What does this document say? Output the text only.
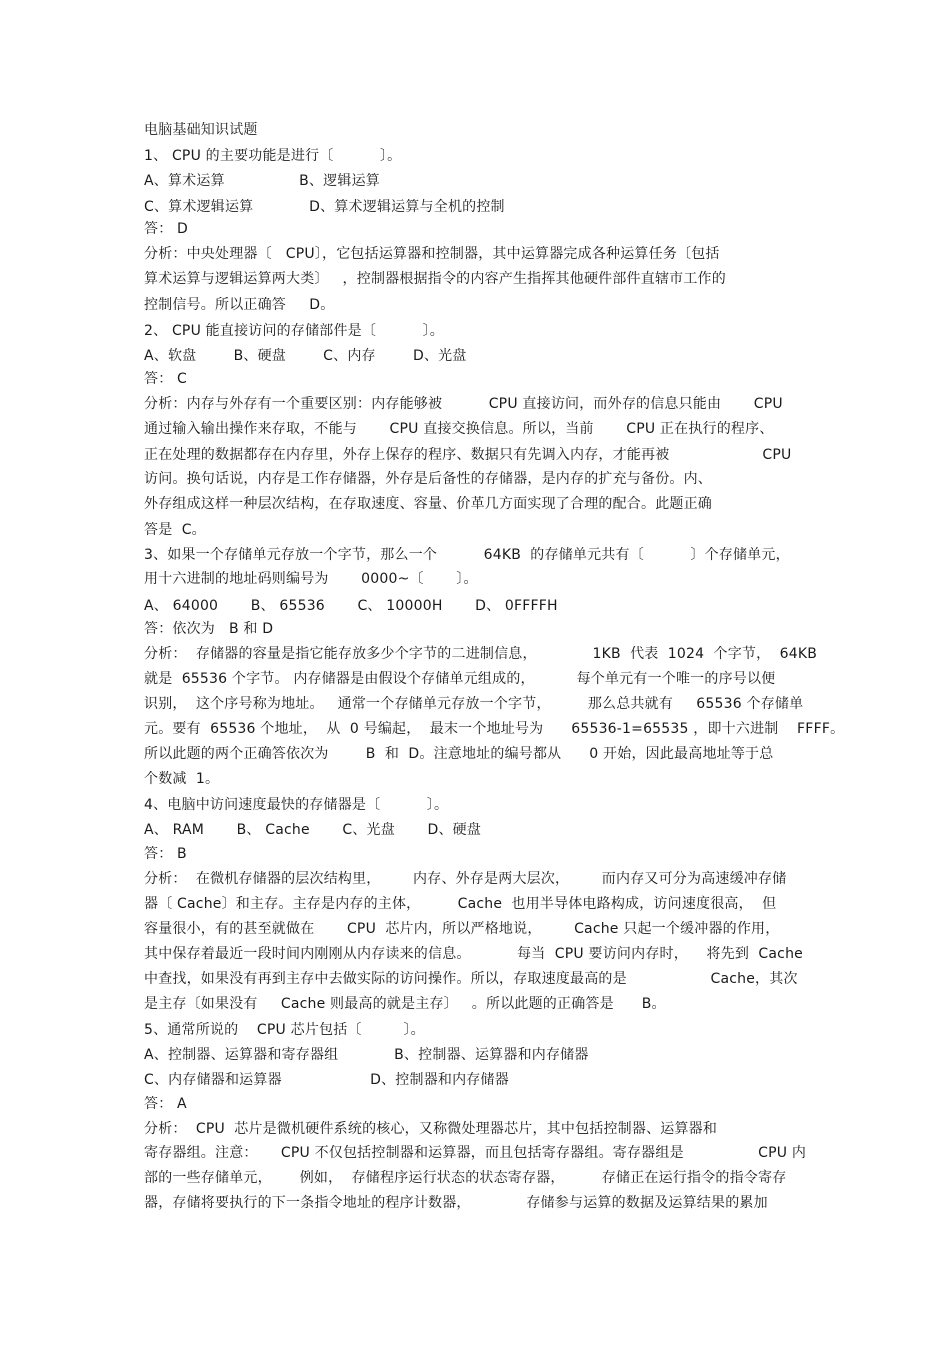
电脑基础知识试题
1、 CPU 的主要功能是进行〔          〕。
A、算术运算                B、逻辑运算
C、算术逻辑运算            D、算术逻辑运算与全机的控制
答： D
分析：中央处理器〔   CPU〕，它包括运算器和控制器，其中运算器完成各种运算任务〔包括
算术运算与逻辑运算两大类〕   ，控制器根据指令的内容产生指挥其他硬件部件直辖市工作的
控制信号。所以正确答     D。
2、 CPU 能直接访问的存储部件是〔          〕。
A、软盘        B、硬盘        C、内存        D、光盘
答： C
分析：内存与外存有一个重要区别：内存能够被          CPU 直接访问，而外存的信息只能由       CPU
通过输入输出操作来存取，不能与       CPU 直接交换信息。所以，当前       CPU 正在执行的程序、
正在处理的数据都存在内存里，外存上保存的程序、数据只有先调入内存，才能再被                    CPU
访问。换句话说，内存是工作存储器，外存是后备性的存储器，是内存的扩充与备份。内、
外存组成这样一种层次结构，在存取速度、容量、价革几方面实现了合理的配合。此题正确
答是  C。
3、如果一个存储单元存放一个字节，那么一个          64KB  的存储单元共有〔          〕个存储单元，
用十六进制的地址码则编号为       0000~〔       〕。
A、 64000       B、 65536       C、 10000H       D、 0FFFFH
答：依次为   B 和 D
分析：  存储器的容量是指它能存放多少个字节的二进制信息，            1KB  代表  1024  个字节，  64KB
就是  65536 个字节。 内存储器是由假设个存储单元组成的，         每个单元有一个唯一的序号以便
识别，  这个序号称为地址。   通常一个存储单元存放一个字节，        那么总共就有     65536 个存储单
元。要有  65536 个地址，  从  0 号编起，  最末一个地址号为      65536-1=65535 ，即十六进制    FFFF。
所以此题的两个正确答依次为        B  和  D。注意地址的编号都从      0 开始，因此最高地址等于总
个数减  1。
4、电脑中访问速度最快的存储器是〔          〕。
A、 RAM       B、 Cache       C、光盘       D、硬盘
答： B
分析：  在微机存储器的层次结构里，       内存、外存是两大层次，       而内存又可分为高速缓冲存储
器〔 Cache〕和主存。主存是内存的主体，        Cache  也用半导体电路构成，访问速度很高，  但
容量很小，有的甚至就做在       CPU  芯片内，所以严格地说，       Cache 只起一个缓冲器的作用，
其中保存着最近一段时间内刚刚从内存读来的信息。          每当  CPU 要访问内存时，    将先到  Cache
中查找，如果没有再到主存中去做实际的访问操作。所以，存取速度最高的是                  Cache，其次
是主存〔如果没有     Cache 则最高的就是主存〕   。所以此题的正确答是      B。
5、通常所说的    CPU 芯片包括〔         〕。
A、控制器、运算器和寄存器组            B、控制器、运算器和内存储器
C、内存储器和运算器                   D、控制器和内存储器
答： A
分析：  CPU  芯片是微机硬件系统的核心，又称微处理器芯片，其中包括控制器、运算器和
寄存器组。注意：     CPU 不仅包括控制器和运算器，而且包括寄存器组。寄存器组是                CPU 内
部的一些存储单元，      例如，  存储程序运行状态的状态寄存器，        存储正在运行指令的指令寄存
器，存储将要执行的下一条指令地址的程序计数器，            存储参与运算的数据及运算结果的累加
